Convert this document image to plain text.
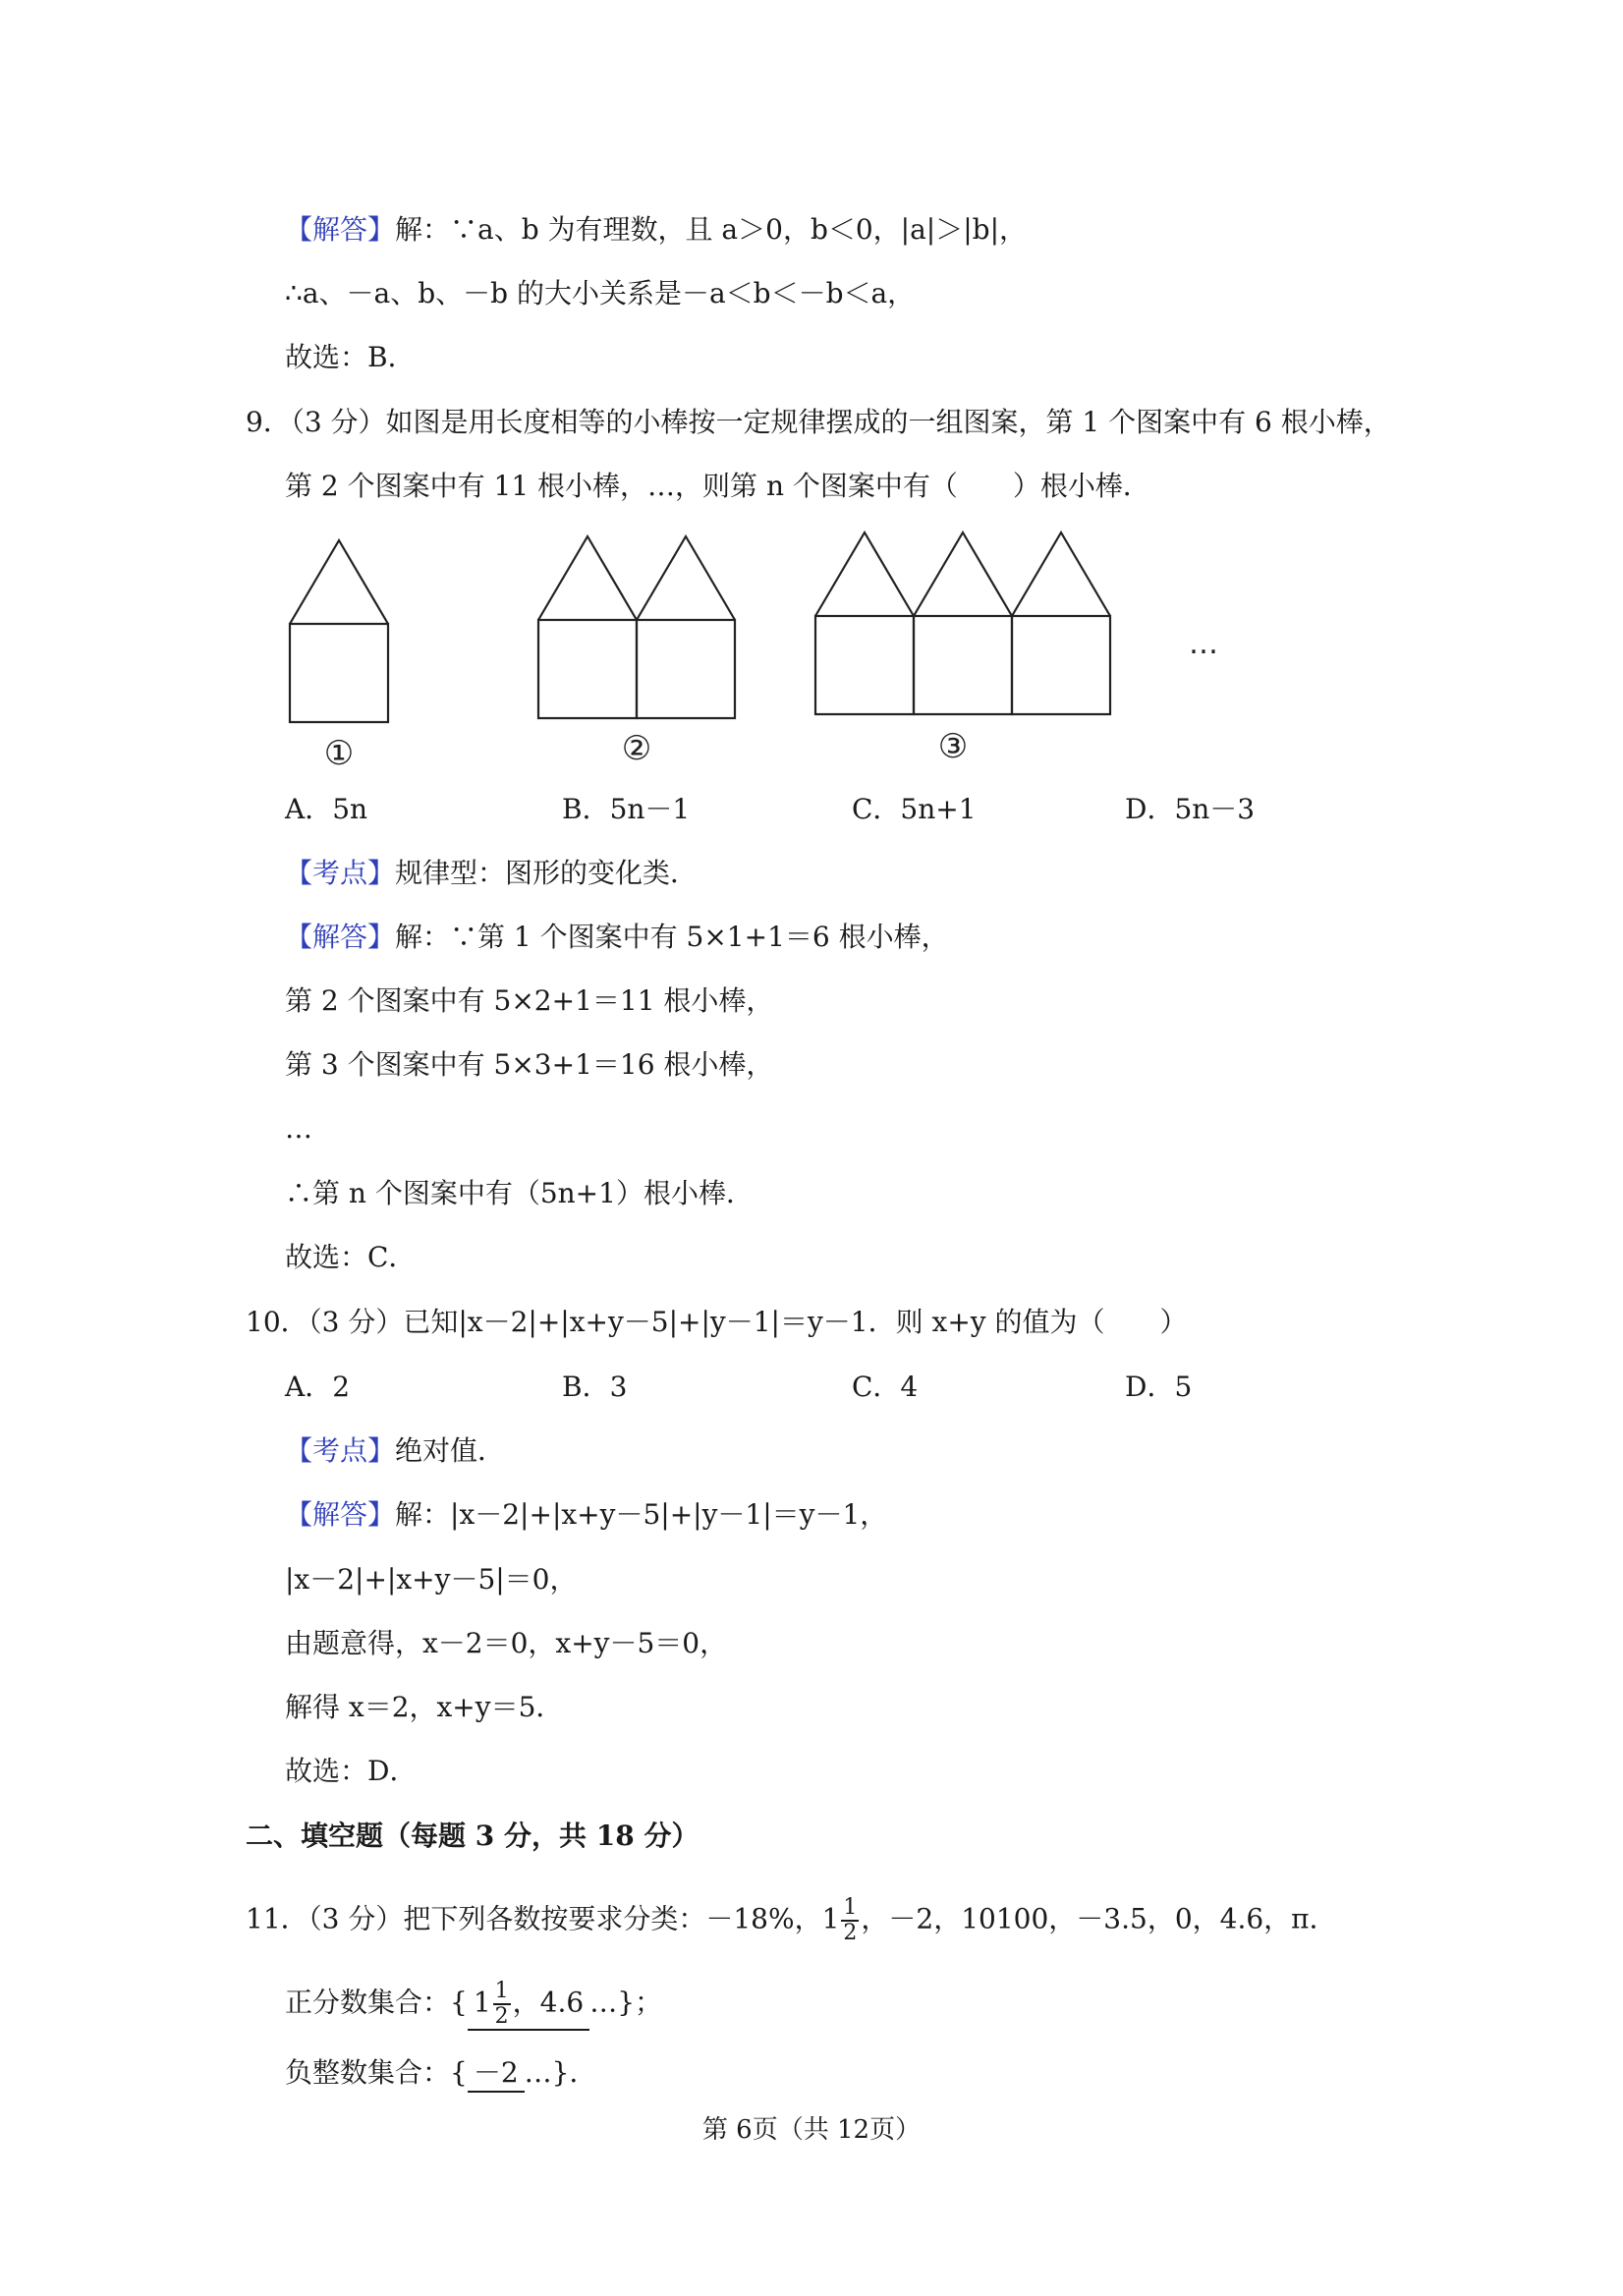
【解答】解：∵a、b 为有理数，且 a＞0，b＜0，|a|＞|b|，
∴a、－a、b、－b 的大小关系是－a＜b＜－b＜a，
故选：B．
9．（3 分）如图是用长度相等的小棒按一定规律摆成的一组图案，第 1 个图案中有 6 根小棒，
第 2 个图案中有 11 根小棒，…，则第 n 个图案中有（　　）根小棒．
①	②	③
…
A．5n	B．5n－1	C．5n+1	D．5n－3
【考点】规律型：图形的变化类．
【解答】解：∵第 1 个图案中有 5×1+1＝6 根小棒，
第 2 个图案中有 5×2+1＝11 根小棒，
第 3 个图案中有 5×3+1＝16 根小棒，
…
∴第 n 个图案中有（5n+1）根小棒．
故选：C．
10．（3 分）已知|x－2|+|x+y－5|+|y－1|＝y－1．则 x+y 的值为（　　）
A．2	B．3	C．4	D．5
【考点】绝对值．
【解答】解：|x－2|+|x+y－5|+|y－1|＝y－1，
|x－2|+|x+y－5|＝0，
由题意得，x－2＝0，x+y－5＝0，
解得 x＝2，x+y＝5．
故选：D．
二、填空题（每题 3 分，共 18 分）
11．（3 分）把下列各数按要求分类：－18%，$1 \frac{1}{2}$ ，－2，10100，－3.5，0，4.6，π．
正分数集合：{ $1 \frac{1}{2}$ ，4.6 …}；
负整数集合：{ －2 …}．
第 6页（共 12页）
